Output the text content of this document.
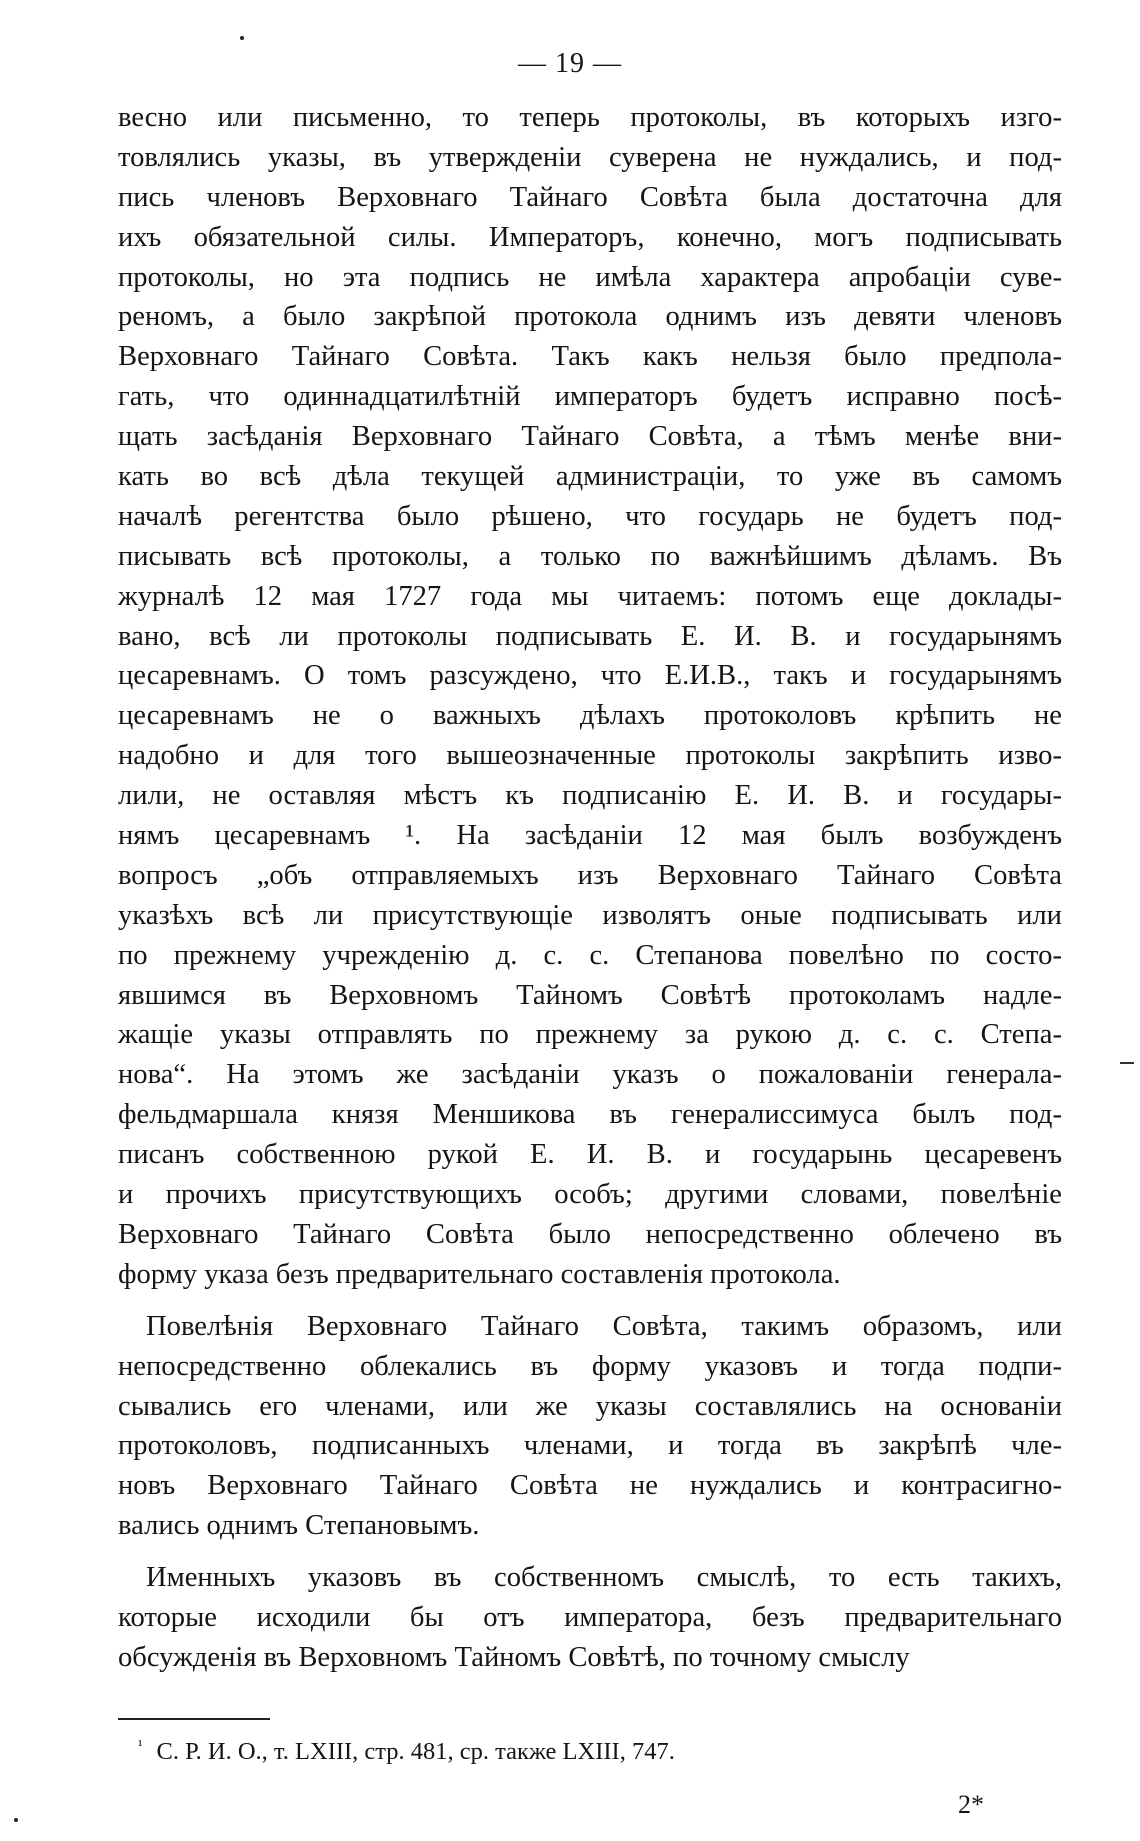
— 19 —
весно или письменно, то теперь протоколы, въ которыхъ изго-
товлялись указы, въ утвержденіи суверена не нуждались, и под-
пись членовъ Верховнаго Тайнаго Совѣта была достаточна для
ихъ обязательной силы. Императоръ, конечно, могъ подписывать
протоколы, но эта подпись не имѣла характера апробаціи суве-
реномъ, а было закрѣпой протокола однимъ изъ девяти членовъ
Верховнаго Тайнаго Совѣта. Такъ какъ нельзя было предпола-
гать, что одиннадцатилѣтній императоръ будетъ исправно посѣ-
щать засѣданія Верховнаго Тайнаго Совѣта, а тѣмъ менѣе вни-
кать во всѣ дѣла текущей администраціи, то уже въ самомъ
началѣ регентства было рѣшено, что государь не будетъ под-
писывать всѣ протоколы, а только по важнѣйшимъ дѣламъ. Въ
журналѣ 12 мая 1727 года мы читаемъ: потомъ еще доклады-
вано, всѣ ли протоколы подписывать Е. И. В. и государынямъ
цесаревнамъ. О томъ разсуждено, что Е.И.В., такъ и государынямъ
цесаревнамъ не о важныхъ дѣлахъ протоколовъ крѣпить не
надобно и для того вышеозначенные протоколы закрѣпить изво-
лили, не оставляя мѣстъ къ подписанію Е. И. В. и государы-
нямъ цесаревнамъ ¹. На засѣданіи 12 мая былъ возбужденъ
вопросъ „объ отправляемыхъ изъ Верховнаго Тайнаго Совѣта
указѣхъ всѣ ли присутствующіе изволятъ оные подписывать или
по прежнему учрежденію д. с. с. Степанова повелѣно по состо-
явшимся въ Верховномъ Тайномъ Совѣтѣ протоколамъ надле-
жащіе указы отправлять по прежнему за рукою д. с. с. Степа-
нова“. На этомъ же засѣданіи указъ о пожалованіи генерала-
фельдмаршала князя Меншикова въ генералиссимуса былъ под-
писанъ собственною рукой Е. И. В. и государынь цесаревенъ
и прочихъ присутствующихъ особъ; другими словами, повелѣніе
Верховнаго Тайнаго Совѣта было непосредственно облечено въ
форму указа безъ предварительнаго составленія протокола.
Повелѣнія Верховнаго Тайнаго Совѣта, такимъ образомъ, или
непосредственно облекались въ форму указовъ и тогда подпи-
сывались его членами, или же указы составлялись на основаніи
протоколовъ, подписанныхъ членами, и тогда въ закрѣпѣ чле-
новъ Верховнаго Тайнаго Совѣта не нуждались и контрасигно-
вались однимъ Степановымъ.
Именныхъ указовъ въ собственномъ смыслѣ, то есть такихъ,
которые исходили бы отъ императора, безъ предварительнаго
обсужденія въ Верховномъ Тайномъ Совѣтѣ, по точному смыслу
$^{^1}$ С. Р. И. О., т. LXIII, стр. 481, ср. также LXIII, 747.
2*
